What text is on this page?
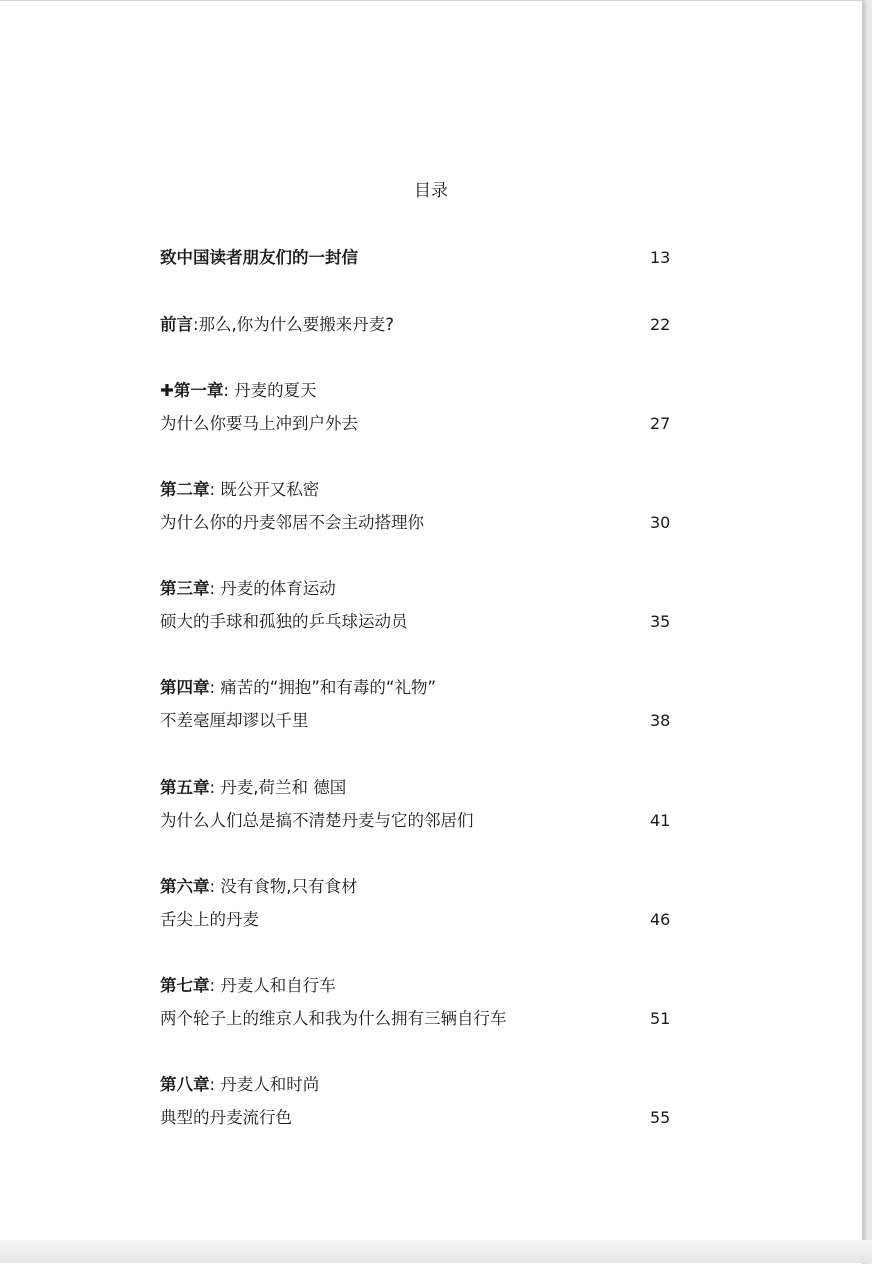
目录
致中国读者朋友们的一封信	13
前言:那么,你为什么要搬来丹麦?	22
✚第一章: 丹麦的夏天
为什么你要马上冲到户外去	27
第二章: 既公开又私密
为什么你的丹麦邻居不会主动搭理你	30
第三章: 丹麦的体育运动
硕大的手球和孤独的乒乓球运动员	35
第四章: 痛苦的“拥抱”和有毒的“礼物”
不差毫厘却谬以千里	38
第五章: 丹麦,荷兰和 德国
为什么人们总是搞不清楚丹麦与它的邻居们	41
第六章: 没有食物,只有食材
舌尖上的丹麦	46
第七章: 丹麦人和自行车
两个轮子上的维京人和我为什么拥有三辆自行车	51
第八章: 丹麦人和时尚
典型的丹麦流行色	55
